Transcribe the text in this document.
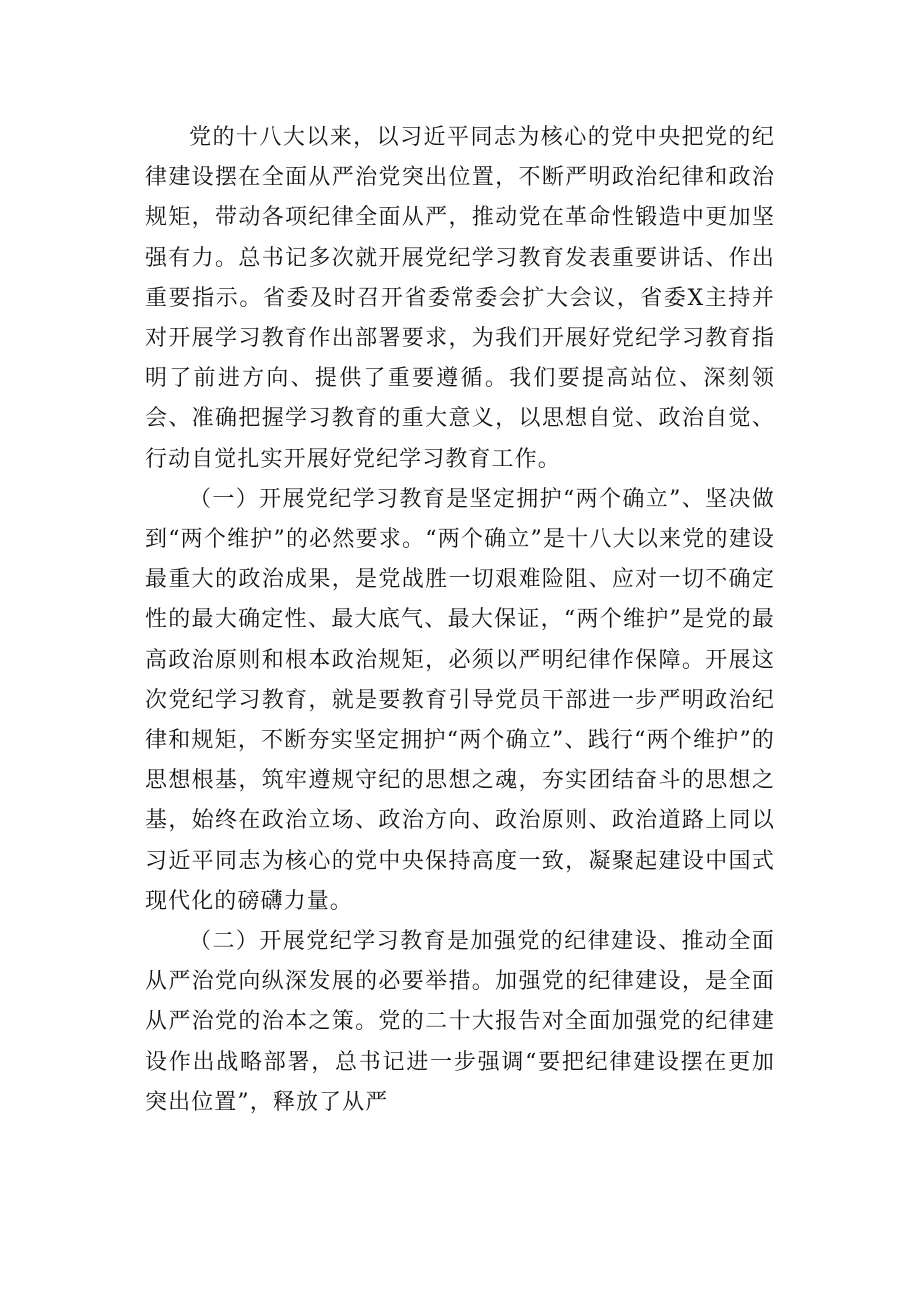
党的十八大以来，以习近平同志为核心的党中央把党的纪律建设摆在全面从严治党突出位置，不断严明政治纪律和政治规矩，带动各项纪律全面从严，推动党在革命性锻造中更加坚强有力。总书记多次就开展党纪学习教育发表重要讲话、作出重要指示。省委及时召开省委常委会扩大会议，省委X主持并对开展学习教育作出部署要求，为我们开展好党纪学习教育指明了前进方向、提供了重要遵循。我们要提高站位、深刻领会、准确把握学习教育的重大意义，以思想自觉、政治自觉、行动自觉扎实开展好党纪学习教育工作。

（一）开展党纪学习教育是坚定拥护“两个确立”、坚决做到“两个维护”的必然要求。“两个确立”是十八大以来党的建设最重大的政治成果，是党战胜一切艰难险阻、应对一切不确定性的最大确定性、最大底气、最大保证，“两个维护”是党的最高政治原则和根本政治规矩，必须以严明纪律作保障。开展这次党纪学习教育，就是要教育引导党员干部进一步严明政治纪律和规矩，不断夯实坚定拥护“两个确立”、践行“两个维护”的思想根基，筑牢遵规守纪的思想之魂，夯实团结奋斗的思想之基，始终在政治立场、政治方向、政治原则、政治道路上同以习近平同志为核心的党中央保持高度一致，凝聚起建设中国式现代化的磅礴力量。

（二）开展党纪学习教育是加强党的纪律建设、推动全面从严治党向纵深发展的必要举措。加强党的纪律建设，是全面从严治党的治本之策。党的二十大报告对全面加强党的纪律建设作出战略部署，总书记进一步强调“要把纪律建设摆在更加突出位置”，释放了从严
